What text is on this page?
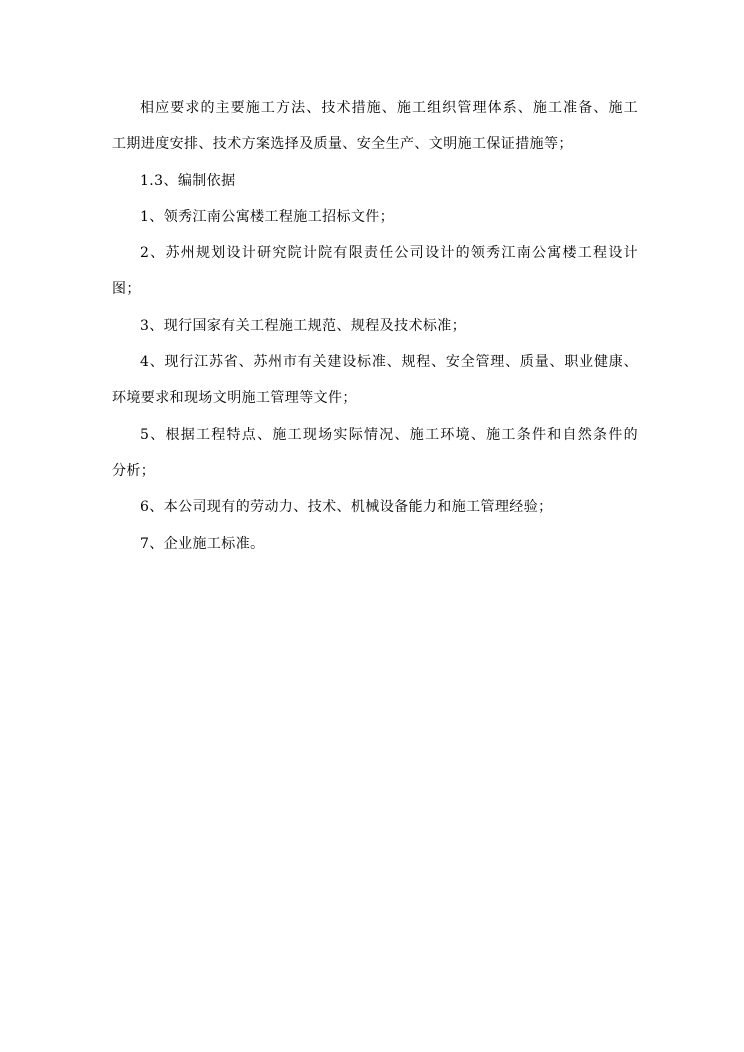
相应要求的主要施工方法、技术措施、施工组织管理体系、施工准备、施工

工期进度安排、技术方案选择及质量、安全生产、文明施工保证措施等；

1.3、编制依据

1、领秀江南公寓楼工程施工招标文件；

2、苏州规划设计研究院计院有限责任公司设计的领秀江南公寓楼工程设计

图；

3、现行国家有关工程施工规范、规程及技术标准；

4、现行江苏省、苏州市有关建设标准、规程、安全管理、质量、职业健康、

环境要求和现场文明施工管理等文件；

5、根据工程特点、施工现场实际情况、施工环境、施工条件和自然条件的

分析；

6、本公司现有的劳动力、技术、机械设备能力和施工管理经验；

7、企业施工标准。
